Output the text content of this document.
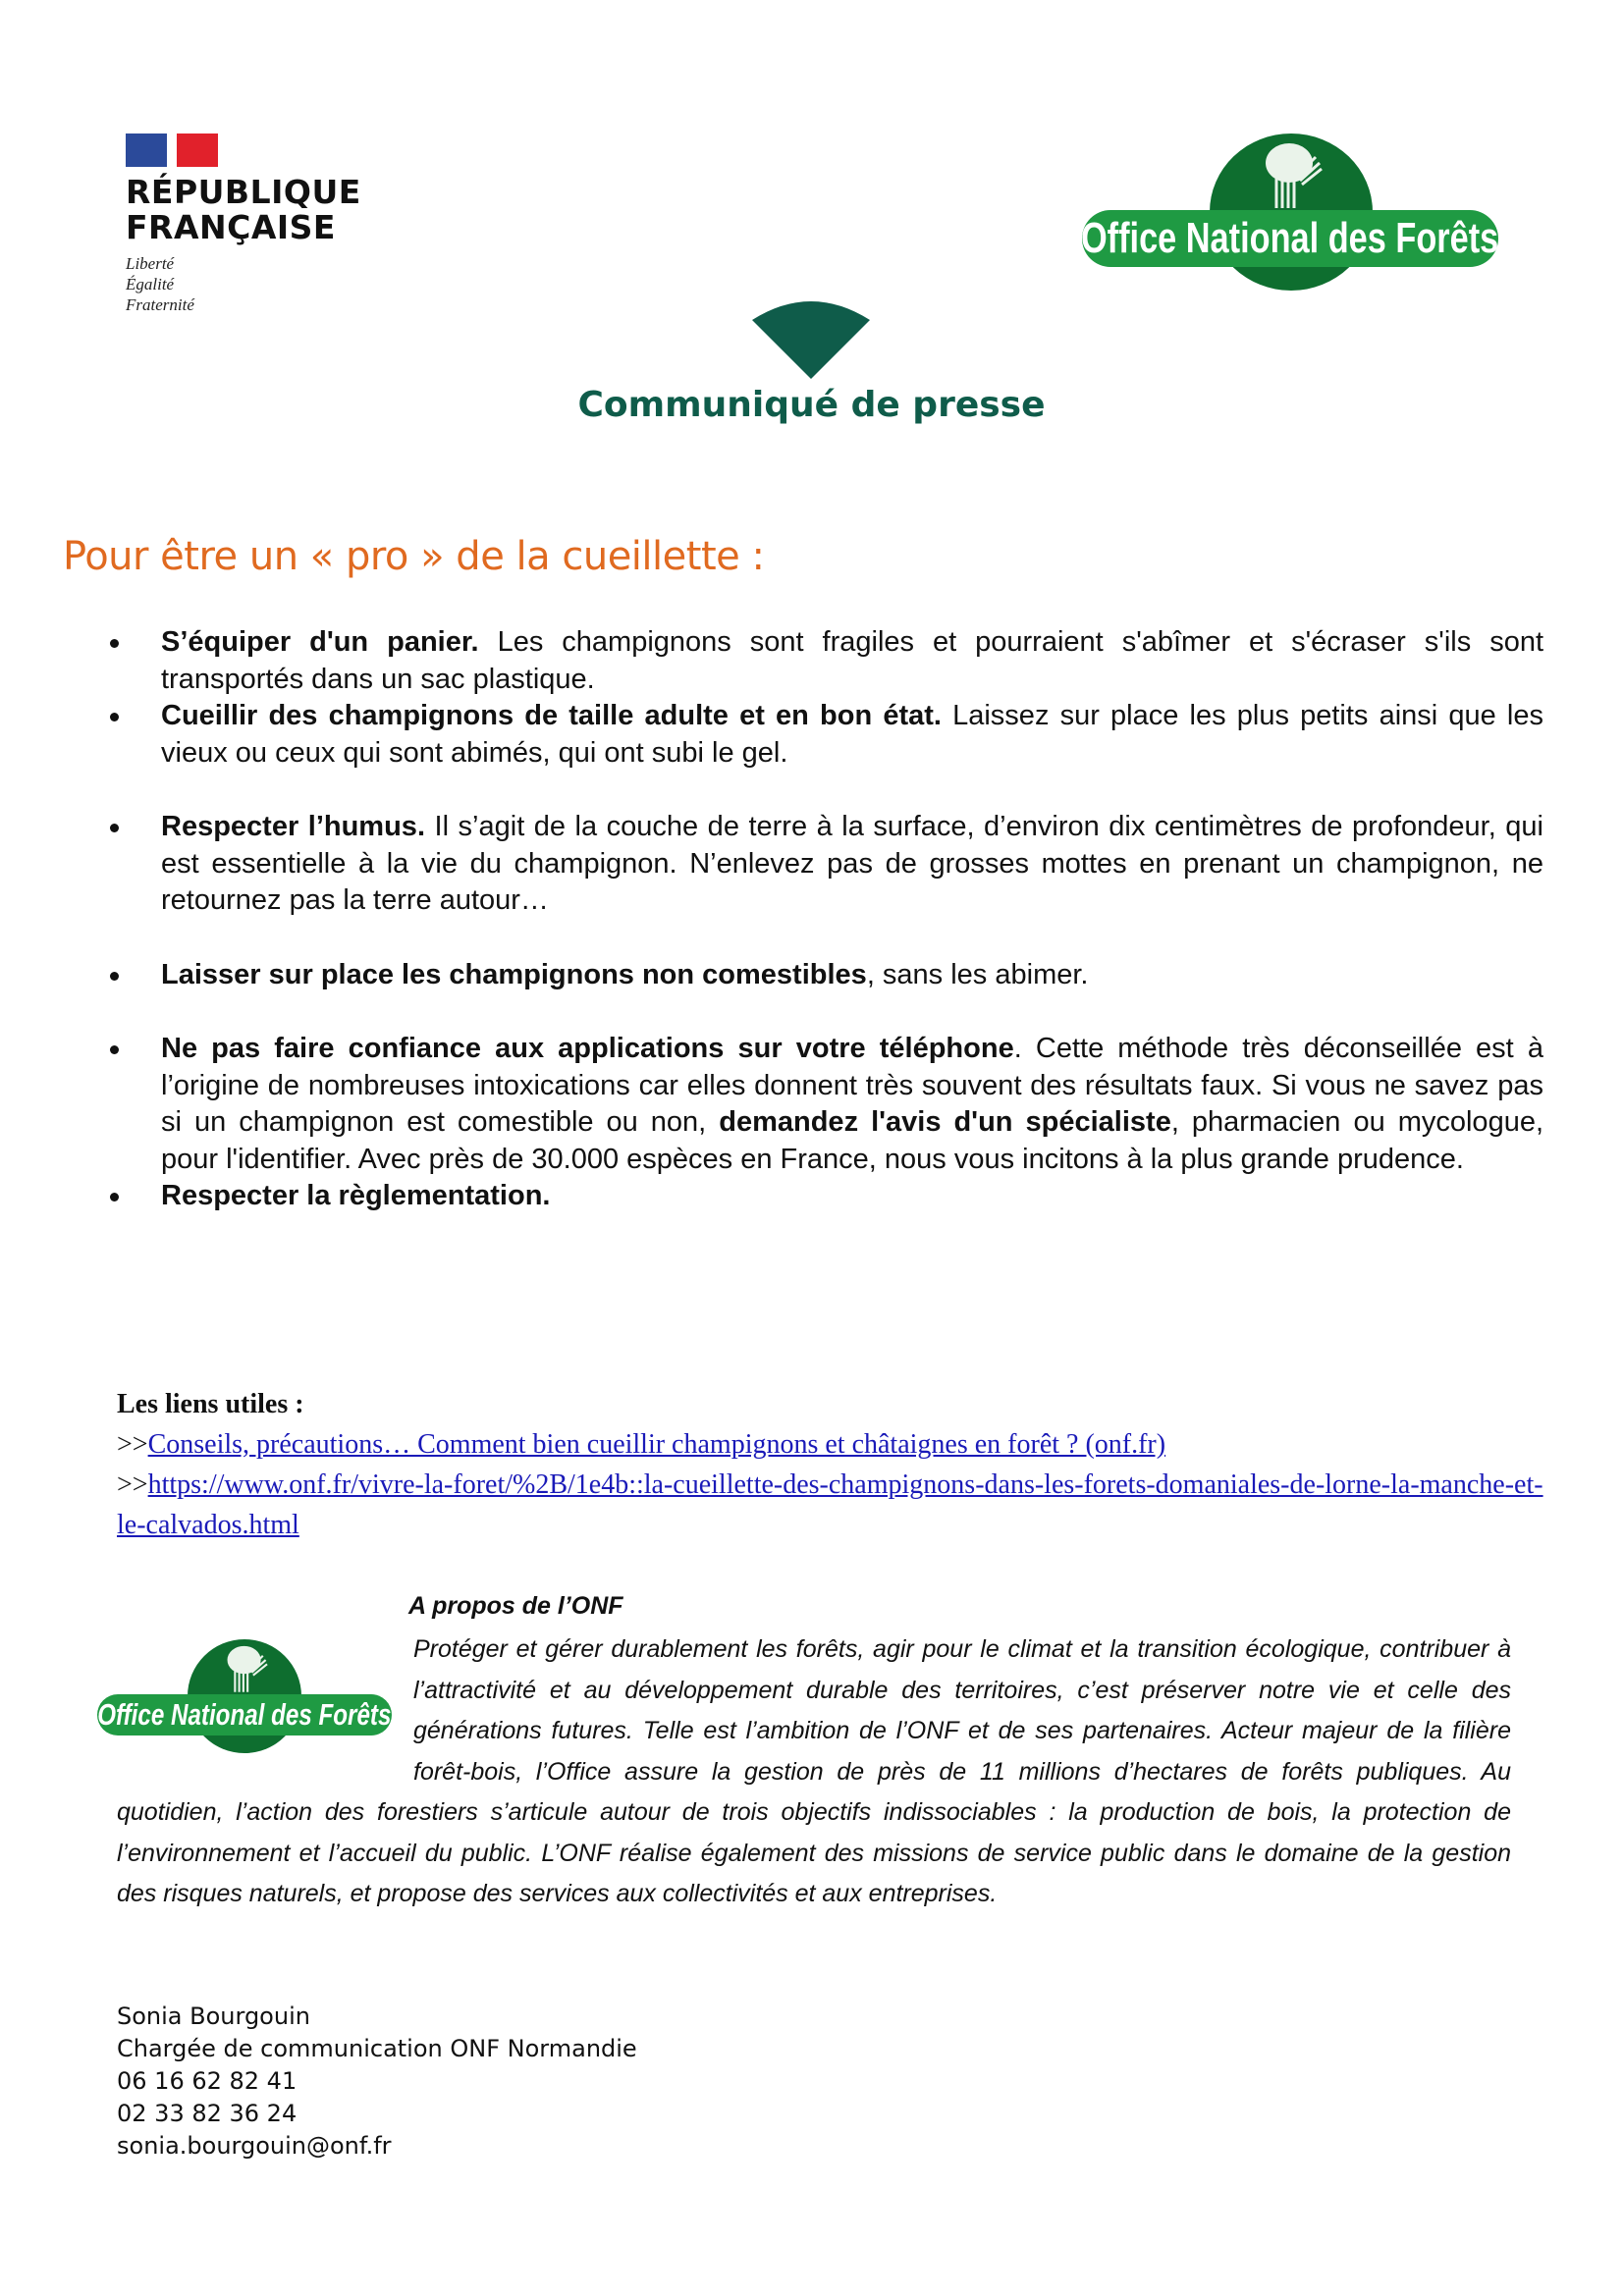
RÉPUBLIQUE
FRANÇAISE
Liberté
Égalité
Fraternité
Office National des Forêts
Communiqué de presse
Pour être un « pro » de la cueillette :
S’équiper d'un panier. Les champignons sont fragiles et pourraient s'abîmer et s'écraser s'ils sont transportés dans un sac plastique.
Cueillir des champignons de taille adulte et en bon état. Laissez sur place les plus petits ainsi que les vieux ou ceux qui sont abimés, qui ont subi le gel.
Respecter l’humus. Il s’agit de la couche de terre à la surface, d’environ dix centimètres de profondeur, qui est essentielle à la vie du champignon. N’enlevez pas de grosses mottes en prenant un champignon, ne retournez pas la terre autour…
Laisser sur place les champignons non comestibles, sans les abimer.
Ne pas faire confiance aux applications sur votre téléphone. Cette méthode très déconseillée est à l’origine de nombreuses intoxications car elles donnent très souvent des résultats faux. Si vous ne savez pas si un champignon est comestible ou non, demandez l'avis d'un spécialiste, pharmacien ou mycologue, pour l'identifier. Avec près de 30.000 espèces en France, nous vous incitons à la plus grande prudence.
Respecter la règlementation.
Les liens utiles :
>>Conseils, précautions… Comment bien cueillir champignons et châtaignes en forêt ? (onf.fr)
>>https://www.onf.fr/vivre-la-foret/%2B/1e4b::la-cueillette-des-champignons-dans-les-forets-domaniales-de-lorne-la-manche-et-le-calvados.html
A propos de l’ONF
Office National des Forêts
Protéger et gérer durablement les forêts, agir pour le climat et la transition écologique, contribuer à l’attractivité et au développement durable des territoires, c’est préserver notre vie et celle des générations futures. Telle est l’ambition de l’ONF et de ses partenaires. Acteur majeur de la filière forêt-bois, l’Office assure la gestion de près de 11 millions d’hectares de forêts publiques. Au quotidien, l’action des forestiers s’articule autour de trois objectifs indissociables : la production de bois, la protection de l’environnement et l’accueil du public. L’ONF réalise également des missions de service public dans le domaine de la gestion des risques naturels, et propose des services aux collectivités et aux entreprises.
Sonia Bourgouin
Chargée de communication ONF Normandie
06 16 62 82 41
02 33 82 36 24
sonia.bourgouin@onf.fr
